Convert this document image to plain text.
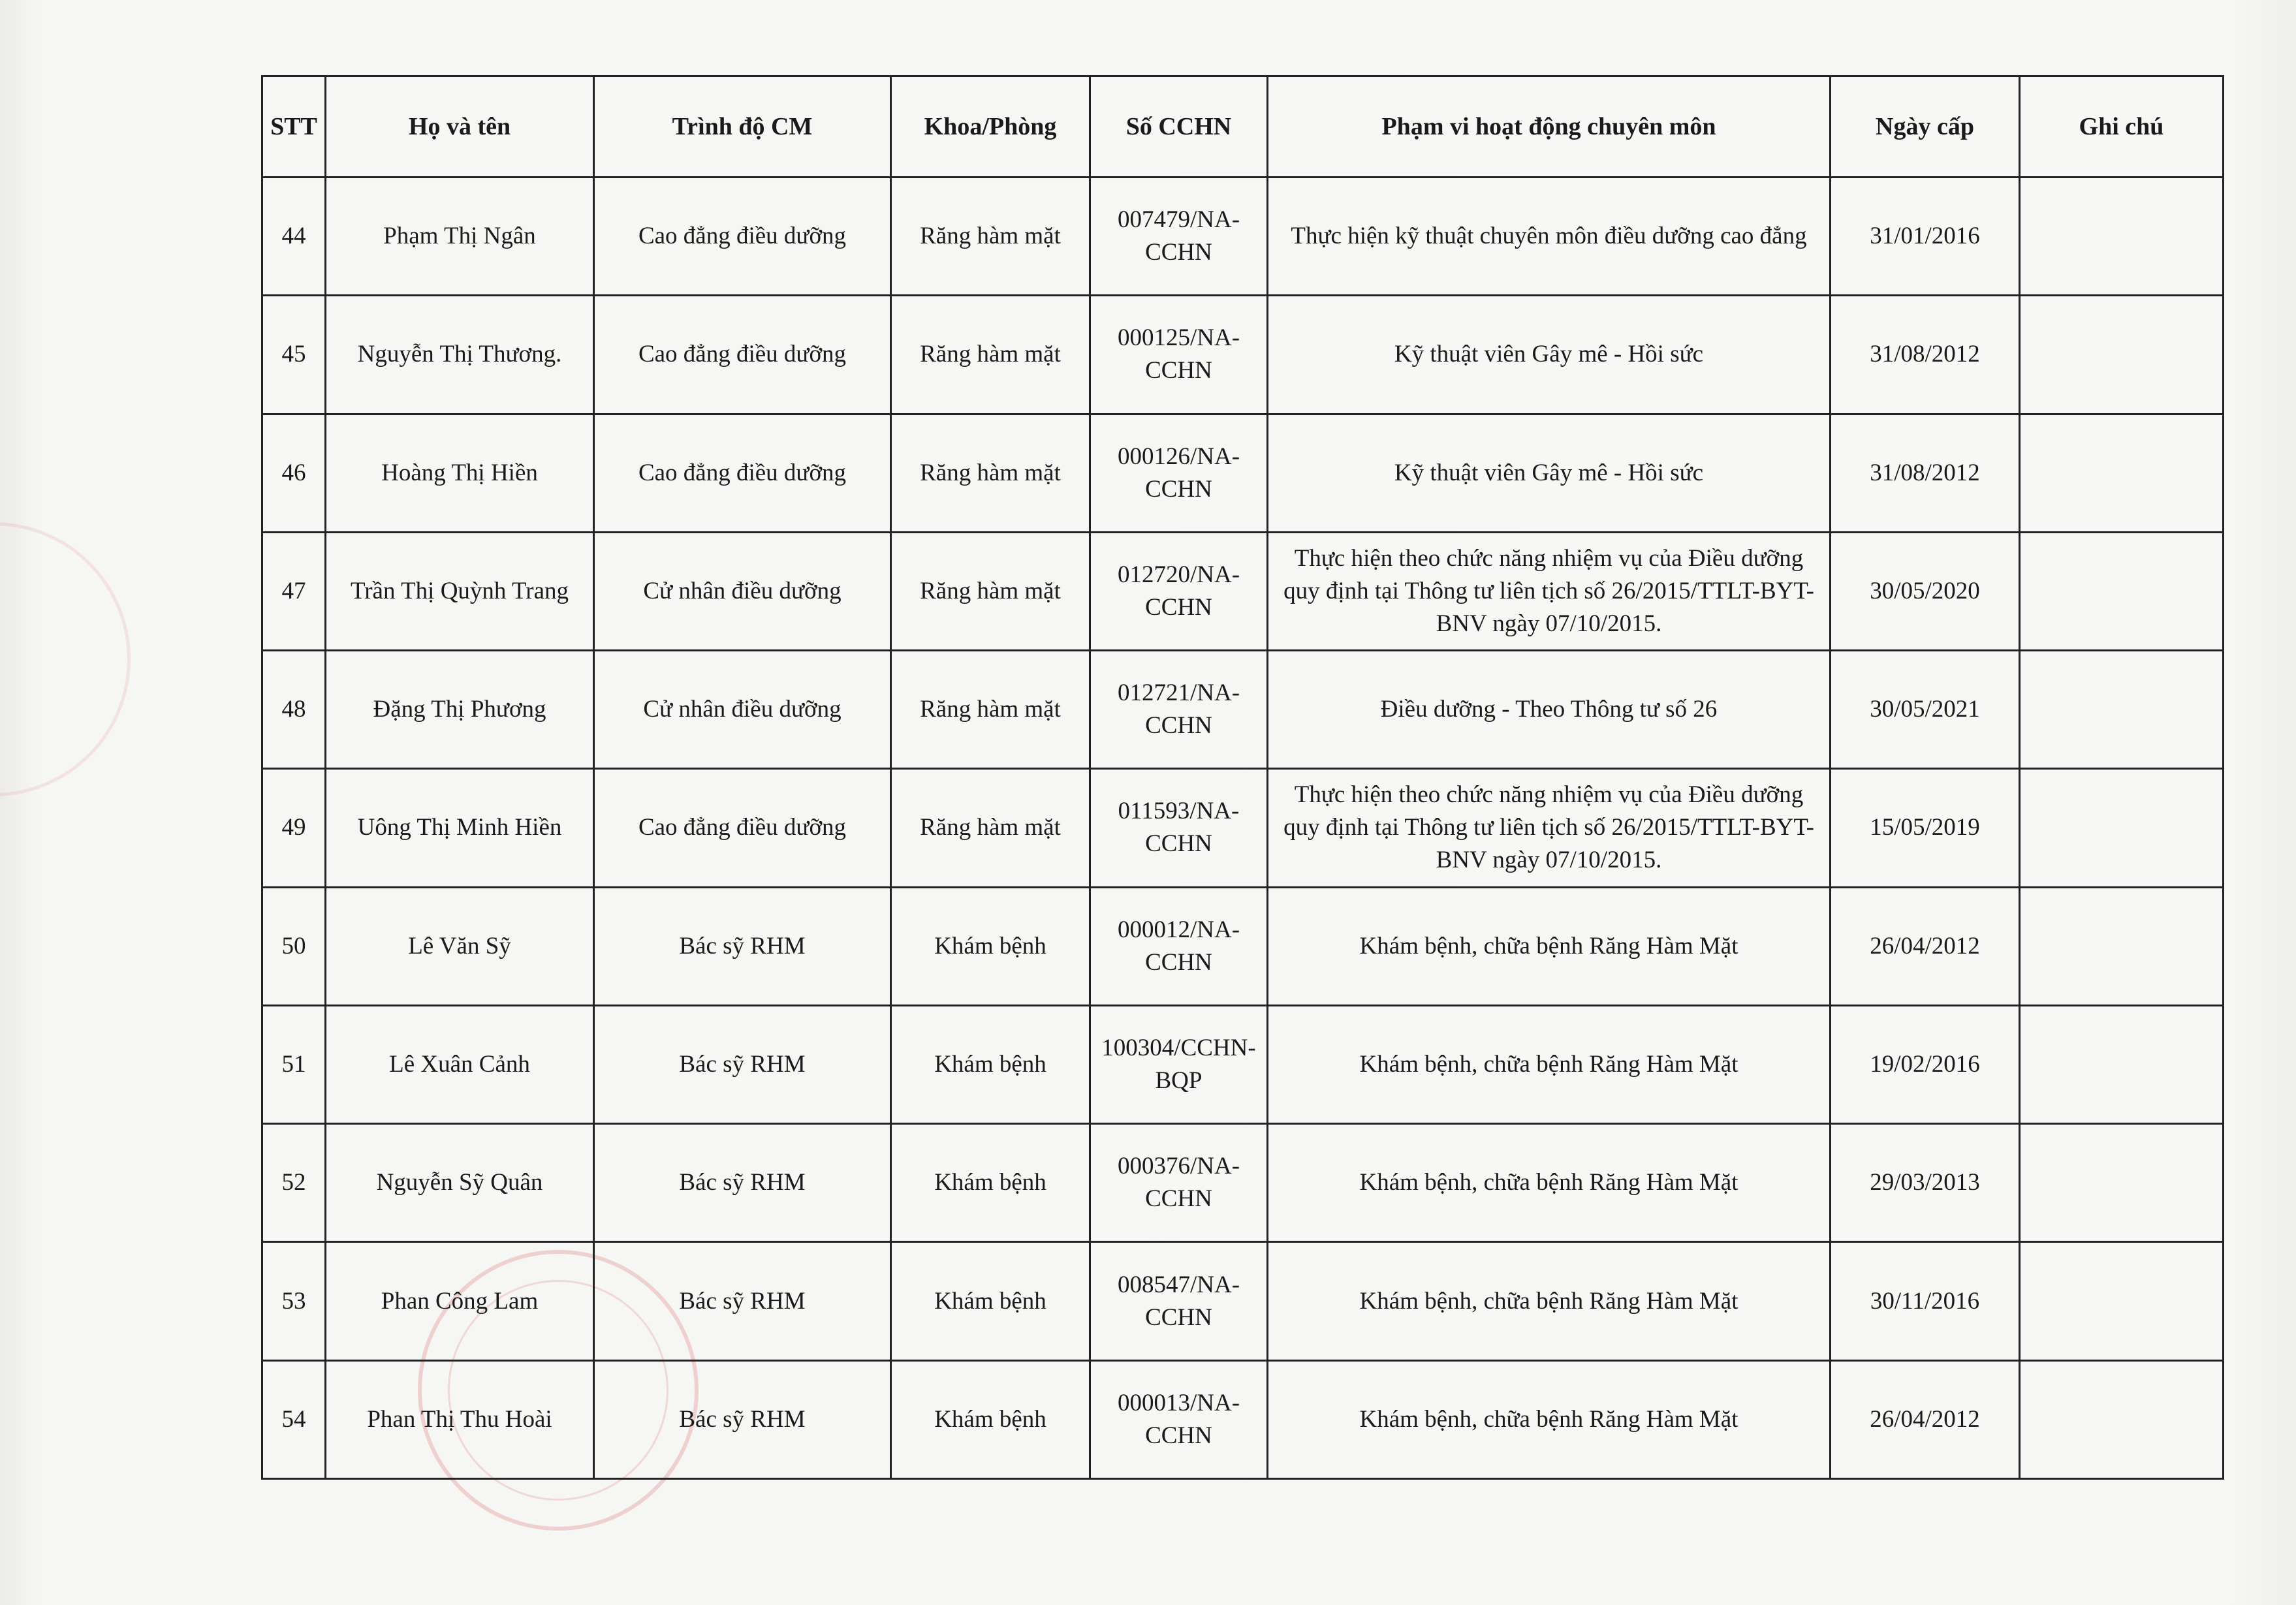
STT	Họ và tên	Trình độ CM	Khoa/Phòng	Số CCHN	Phạm vi hoạt động chuyên môn	Ngày cấp	Ghi chú
44	Phạm Thị Ngân	Cao đẳng điều dưỡng	Răng hàm mặt	007479/NA-CCHN	Thực hiện kỹ thuật chuyên môn điều dưỡng cao đẳng	31/01/2016	
45	Nguyễn Thị Thương.	Cao đẳng điều dưỡng	Răng hàm mặt	000125/NA-CCHN	Kỹ thuật viên Gây mê - Hồi sức	31/08/2012	
46	Hoàng Thị Hiền	Cao đẳng điều dưỡng	Răng hàm mặt	000126/NA-CCHN	Kỹ thuật viên Gây mê - Hồi sức	31/08/2012	
47	Trần Thị Quỳnh Trang	Cử nhân điều dưỡng	Răng hàm mặt	012720/NA-CCHN	Thực hiện theo chức năng nhiệm vụ của Điều dưỡng quy định tại Thông tư liên tịch số 26/2015/TTLT-BYT-BNV ngày 07/10/2015.	30/05/2020	
48	Đặng Thị Phương	Cử nhân điều dưỡng	Răng hàm mặt	012721/NA-CCHN	Điều dưỡng - Theo Thông tư số 26	30/05/2021	
49	Uông Thị Minh Hiền	Cao đẳng điều dưỡng	Răng hàm mặt	011593/NA-CCHN	Thực hiện theo chức năng nhiệm vụ của Điều dưỡng quy định tại Thông tư liên tịch số 26/2015/TTLT-BYT-BNV ngày 07/10/2015.	15/05/2019	
50	Lê Văn Sỹ	Bác sỹ RHM	Khám bệnh	000012/NA-CCHN	Khám bệnh, chữa bệnh Răng Hàm Mặt	26/04/2012	
51	Lê Xuân Cảnh	Bác sỹ RHM	Khám bệnh	100304/CCHN-BQP	Khám bệnh, chữa bệnh Răng Hàm Mặt	19/02/2016	
52	Nguyễn Sỹ Quân	Bác sỹ RHM	Khám bệnh	000376/NA-CCHN	Khám bệnh, chữa bệnh Răng Hàm Mặt	29/03/2013	
53	Phan Công Lam	Bác sỹ RHM	Khám bệnh	008547/NA-CCHN	Khám bệnh, chữa bệnh Răng Hàm Mặt	30/11/2016	
54	Phan Thị Thu Hoài	Bác sỹ RHM	Khám bệnh	000013/NA-CCHN	Khám bệnh, chữa bệnh Răng Hàm Mặt	26/04/2012	
